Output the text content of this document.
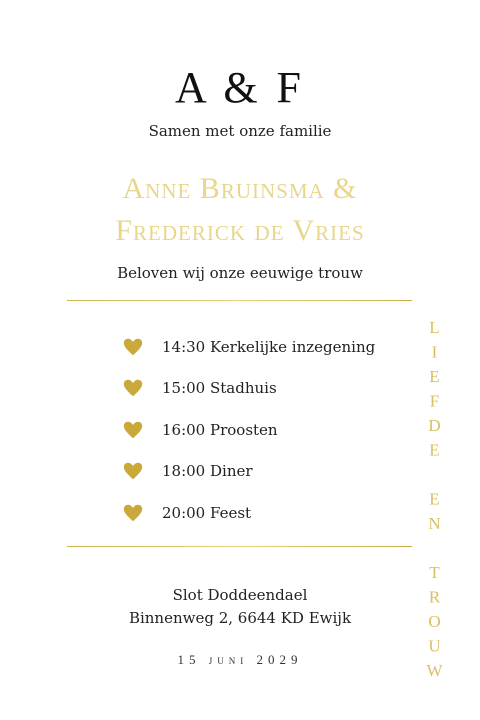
A & F
Samen met onze familie
Anne Bruinsma &
Frederick de Vries
Beloven wij onze eeuwige trouw
14:30 Kerkelijke inzegening
15:00 Stadhuis
16:00 Proosten
18:00 Diner
20:00 Feest	LIEFDE EN TROUW
Slot Doddeendael
Binnenweg 2, 6644 KD Ewijk
15 juni 2029
